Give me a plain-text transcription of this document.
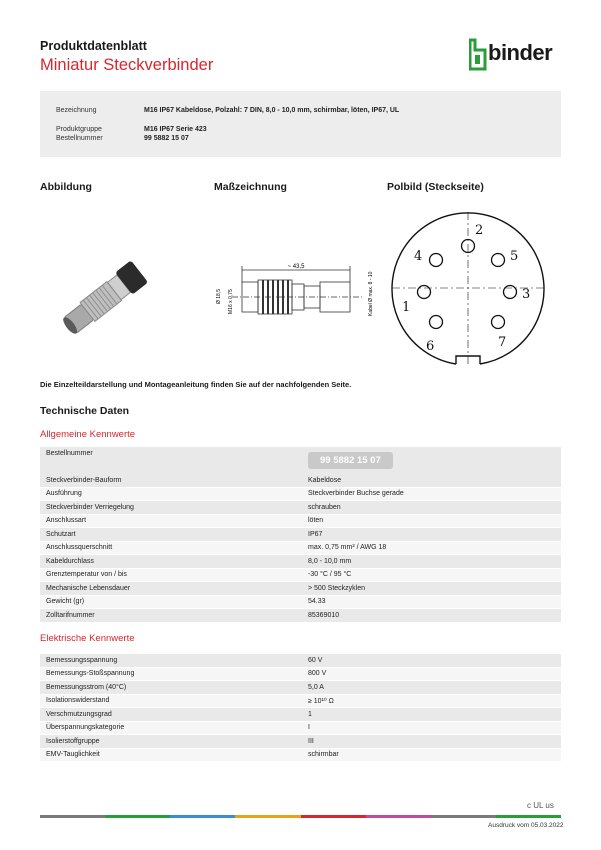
Produktdatenblatt
Miniatur Steckverbinder	binder
Bezeichnung	M16 IP67 Kabeldose, Polzahl: 7 DIN, 8,0 - 10,0 mm, schirmbar, löten, IP67, UL
Produktgruppe	M16 IP67 Serie 423
Bestellnummer	99 5882 15 07
Abbildung	Maßzeichnung	Polbild (Steckseite)
~ 43,5
Ø 18,5 M16 x 0,75	Kabel Ø max. 8 - 10 1
2
3
4	5
6	7
Die Einzelteildarstellung und Montageanleitung finden Sie auf der nachfolgenden Seite.
Technische Daten
Allgemeine Kennwerte
Bestellnummer	99 5882 15 07
Steckverbinder-Bauform	Kabeldose
Ausführung	Steckverbinder Buchse gerade
Steckverbinder Verriegelung	schrauben
Anschlussart	löten
Schutzart	IP67
Anschlussquerschnitt	max. 0,75 mm² / AWG 18
Kabeldurchlass	8,0 - 10,0 mm
Grenztemperatur von / bis	-30 °C / 95 °C
Mechanische Lebensdauer	> 500 Steckzyklen
Gewicht (gr)	54.33
Zolltarifnummer	85369010
Elektrische Kennwerte
Bemessungsspannung	60 V
Bemessungs-Stoßspannung	800 V
Bemessungsstrom (40°C)	5,0 A
Isolationswiderstand	≥ 10¹⁰ Ω
Verschmutzungsgrad	1
Überspannungskategorie	I
Isolierstoffgruppe	III
EMV-Tauglichkeit	schirmbar
c UL us
Ausdruck vom 05.03.2022
